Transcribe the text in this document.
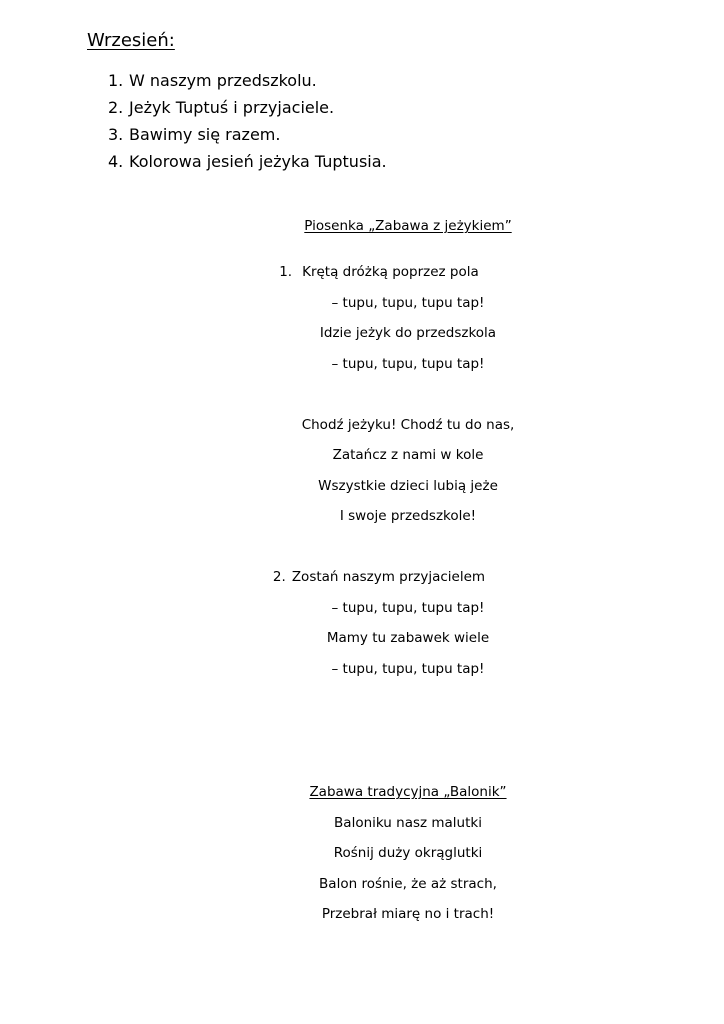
Wrzesień:
1. W naszym przedszkolu.
2. Jeżyk Tuptuś i przyjaciele.
3. Bawimy się razem.
4. Kolorowa jesień jeżyka Tuptusia.
Piosenka „Zabawa z jeżykiem”
1. Krętą dróżką poprzez pola
– tupu, tupu, tupu tap!
Idzie jeżyk do przedszkola
– tupu, tupu, tupu tap!
Chodź jeżyku! Chodź tu do nas,
Zatańcz z nami w kole
Wszystkie dzieci lubią jeże
I swoje przedszkole!
2. Zostań naszym przyjacielem
– tupu, tupu, tupu tap!
Mamy tu zabawek wiele
– tupu, tupu, tupu tap!
Zabawa tradycyjna „Balonik”
Baloniku nasz malutki
Rośnij duży okrąglutki
Balon rośnie, że aż strach,
Przebrał miarę no i trach!
